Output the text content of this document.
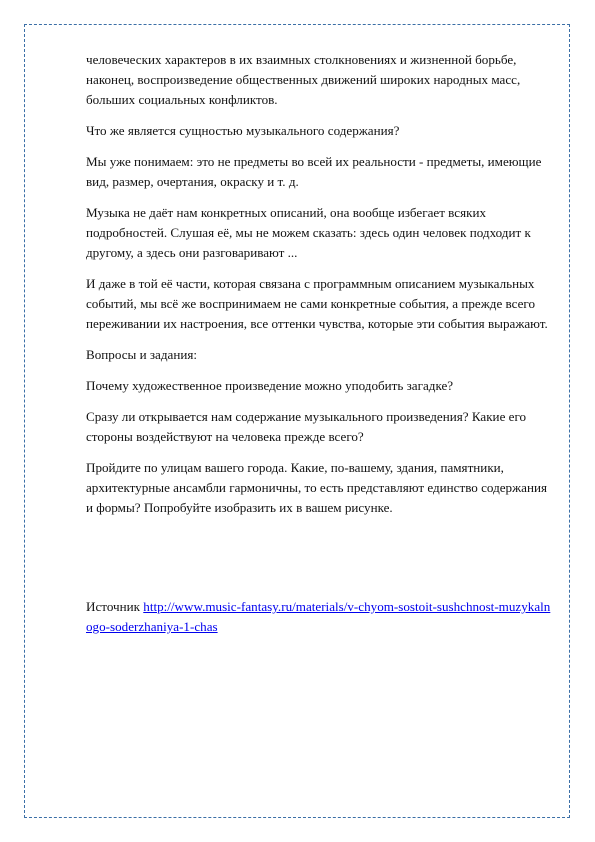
человеческих характеров в их взаимных столкновениях и жизненной борьбе, наконец, воспроизведение общественных движений широких народных масс, больших социальных конфликтов.

Что же является сущностью музыкального содержания?

Мы уже понимаем: это не предметы во всей их реальности - предметы, имеющие вид, размер, очертания, окраску и т. д.

Музыка не даёт нам конкретных описаний, она вообще избегает всяких подробностей. Слушая её, мы не можем сказать: здесь один человек подходит к другому, а здесь они разговаривают ...

И даже в той её части, которая связана с программным описанием музыкальных событий, мы всё же воспринимаем не сами конкретные события, а прежде всего переживании их настроения, все оттенки чувства, которые эти события выражают.

Вопросы и задания:

Почему художественное произведение можно уподобить загадке?

Сразу ли открывается нам содержание музыкального произведения? Какие его стороны воздействуют на человека прежде всего?

Пройдите по улицам вашего города. Какие, по-вашему, здания, памятники, архитектурные ансамбли гармоничны, то есть представляют единство содержания и формы? Попробуйте изобразить их в вашем рисунке.

Источник http://www.music-fantasy.ru/materials/v-chyom-sostoit-sushchnost-muzykalnogo-soderzhaniya-1-chas
